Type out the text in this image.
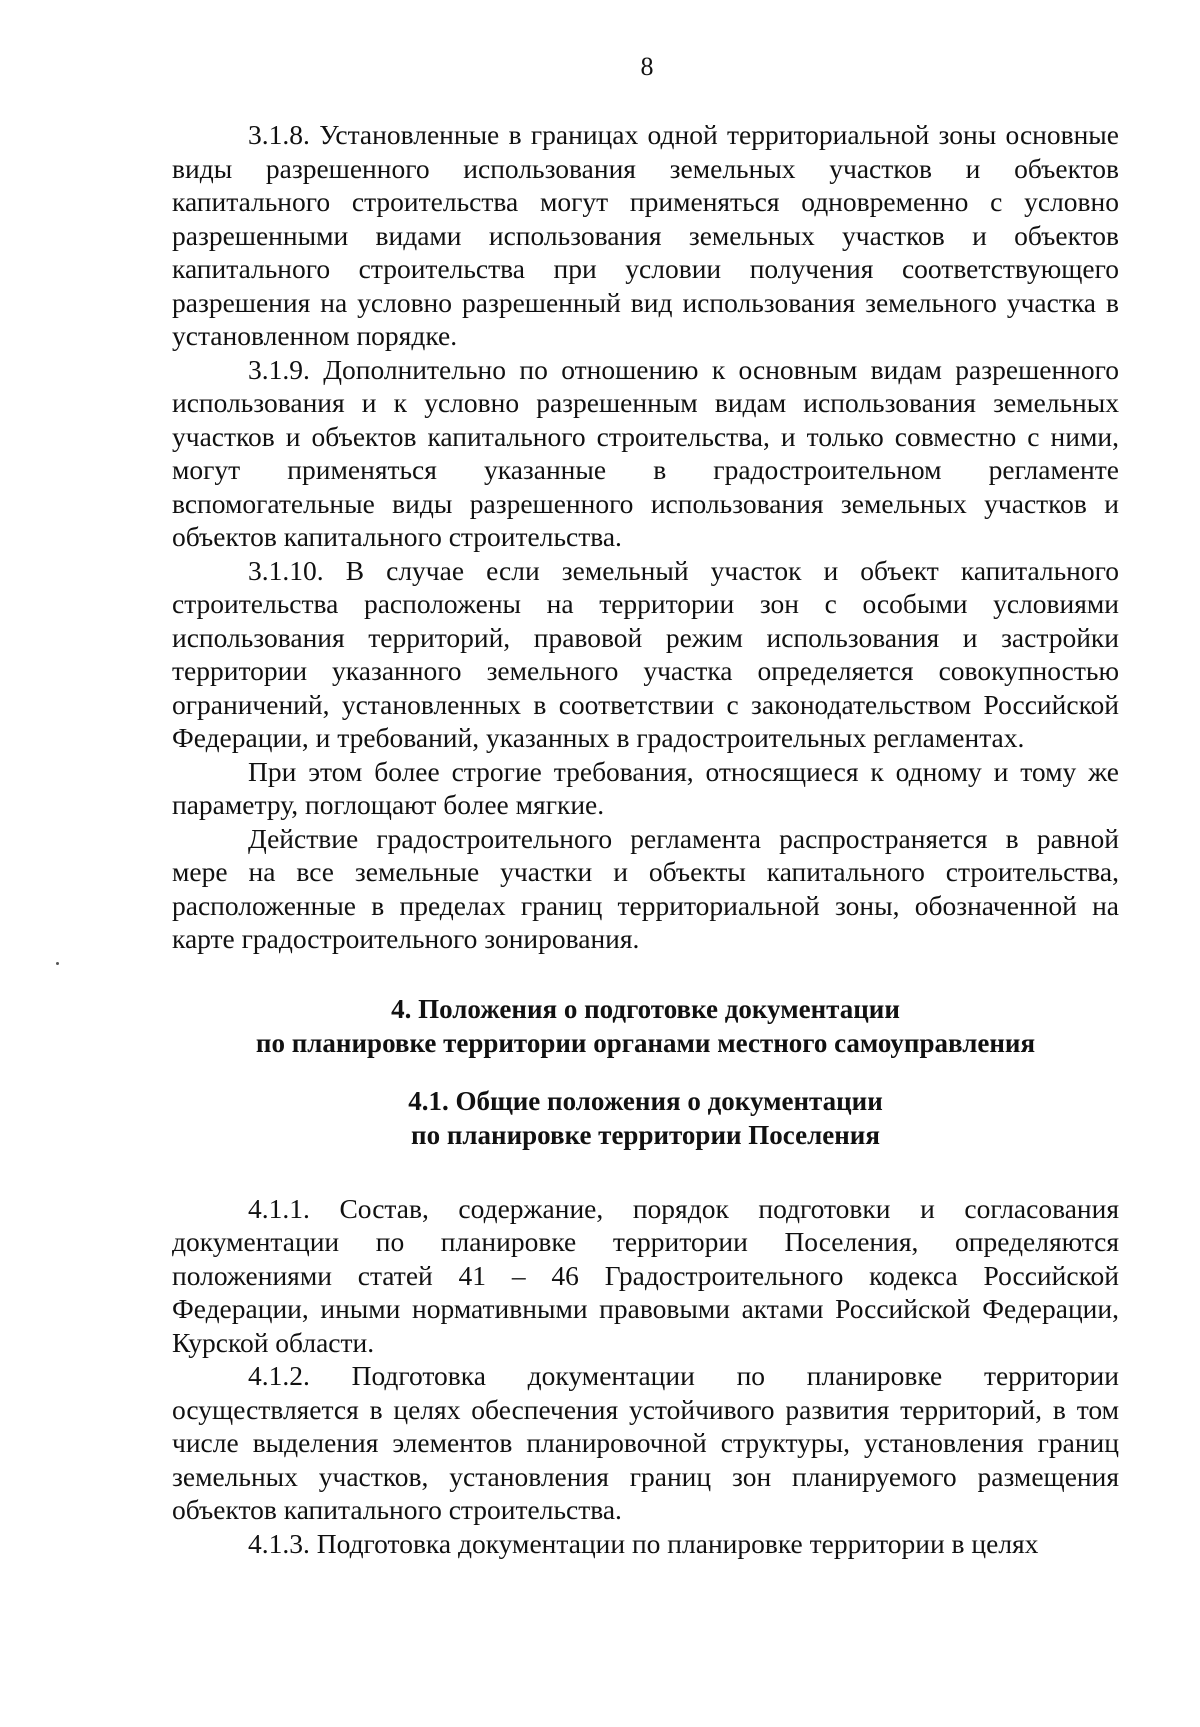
8

3.1.8. Установленные в границах одной территориальной зоны основные виды разрешенного использования земельных участков и объектов капитального строительства могут применяться одновременно с условно разрешенными видами использования земельных участков и объектов капитального строительства при условии получения соответствующего разрешения на условно разрешенный вид использования земельного участка в установленном порядке.

3.1.9. Дополнительно по отношению к основным видам разрешенного использования и к условно разрешенным видам использования земельных участков и объектов капитального строительства, и только совместно с ними, могут применяться указанные в градостроительном регламенте вспомогательные виды разрешенного использования земельных участков и объектов капитального строительства.

3.1.10. В случае если земельный участок и объект капитального строительства расположены на территории зон с особыми условиями использования территорий, правовой режим использования и застройки территории указанного земельного участка определяется совокупностью ограничений, установленных в соответствии с законодательством Российской Федерации, и требований, указанных в градостроительных регламентах.

При этом более строгие требования, относящиеся к одному и тому же параметру, поглощают более мягкие.

Действие градостроительного регламента распространяется в равной мере на все земельные участки и объекты капитального строительства, расположенные в пределах границ территориальной зоны, обозначенной на карте градостроительного зонирования.

4. Положения о подготовке документации
по планировке территории органами местного самоуправления
4.1. Общие положения о документации
по планировке территории Поселения

4.1.1. Состав, содержание, порядок подготовки и согласования документации по планировке территории Поселения, определяются положениями статей 41 – 46 Градостроительного кодекса Российской Федерации, иными нормативными правовыми актами Российской Федерации, Курской области.

4.1.2. Подготовка документации по планировке территории осуществляется в целях обеспечения устойчивого развития территорий, в том числе выделения элементов планировочной структуры, установления границ земельных участков, установления границ зон планируемого размещения объектов капитального строительства.

4.1.3. Подготовка документации по планировке территории в целях
